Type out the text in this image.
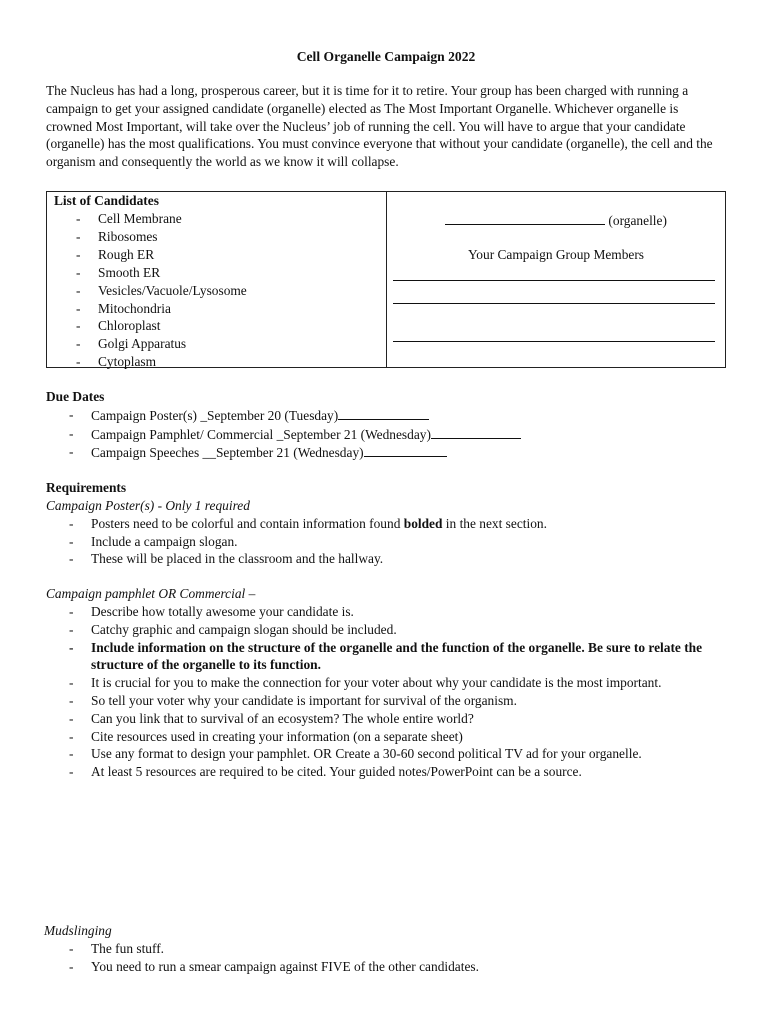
Cell Organelle Campaign 2022

The Nucleus has had a long, prosperous career, but it is time for it to retire. Your group has been charged with running a campaign to get your assigned candidate (organelle) elected as The Most Important Organelle. Whichever organelle is crowned Most Important, will take over the Nucleus’ job of running the cell. You will have to argue that your candidate (organelle) has the most qualifications. You must convince everyone that without your candidate (organelle), the cell and the organism and consequently the world as we know it will collapse.

List of Candidates
- Cell Membrane
- Ribosomes
- Rough ER
- Smooth ER
- Vesicles/Vacuole/Lysosome
- Mitochondria
- Chloroplast
- Golgi Apparatus
- Cytoplasm
(organelle)
Your Campaign Group Members
Due Dates
- Campaign Poster(s) _September 20 (Tuesday)
- Campaign Pamphlet/ Commercial _September 21 (Wednesday)
- Campaign Speeches __September 21 (Wednesday)
Requirements
Campaign Poster(s) - Only 1 required
- Posters need to be colorful and contain information found bolded in the next section.
- Include a campaign slogan.
- These will be placed in the classroom and the hallway.
Campaign pamphlet OR Commercial –
- Describe how totally awesome your candidate is.
- Catchy graphic and campaign slogan should be included.
- Include information on the structure of the organelle and the function of the organelle. Be sure to relate the structure of the organelle to its function.
- It is crucial for you to make the connection for your voter about why your candidate is the most important.
- So tell your voter why your candidate is important for survival of the organism.
- Can you link that to survival of an ecosystem? The whole entire world?
- Cite resources used in creating your information (on a separate sheet)
- Use any format to design your pamphlet. OR Create a 30-60 second political TV ad for your organelle.
- At least 5 resources are required to be cited. Your guided notes/PowerPoint can be a source.
Mudslinging
- The fun stuff.
- You need to run a smear campaign against FIVE of the other candidates.
